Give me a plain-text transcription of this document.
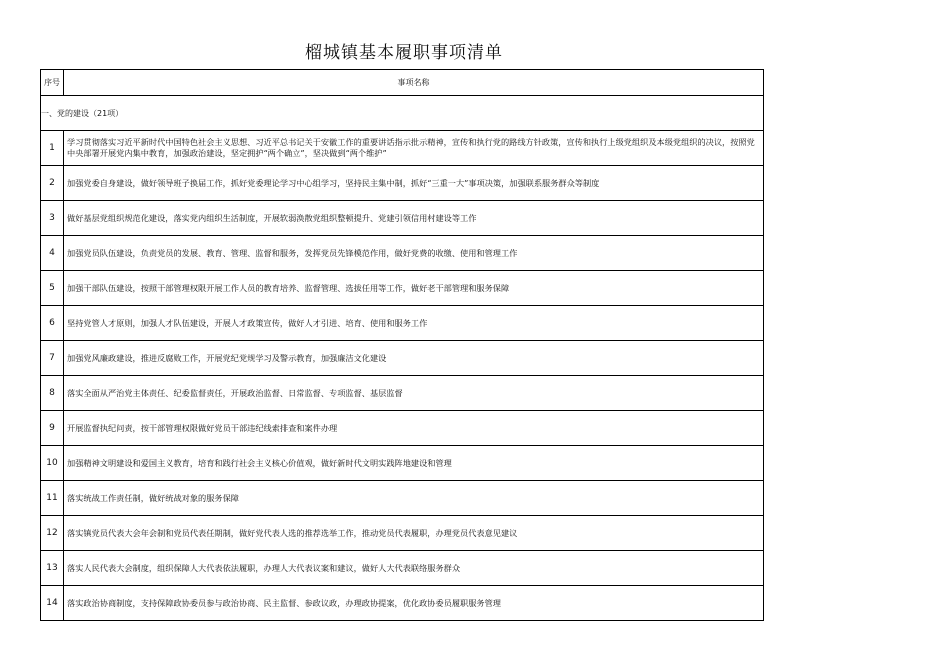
榴城镇基本履职事项清单
序号	事项名称
一、党的建设（21项）	
1	学习贯彻落实习近平新时代中国特色社会主义思想、习近平总书记关于安徽工作的重要讲话指示批示精神，宣传和执行党的路线方针政策，宣传和执行上级党组织及本级党组织的决议，按照党中央部署开展党内集中教育，加强政治建设，坚定拥护“两个确立”，坚决做到“两个维护”
2	加强党委自身建设，做好领导班子换届工作，抓好党委理论学习中心组学习，坚持民主集中制，抓好“三重一大”事项决策，加强联系服务群众等制度
3	做好基层党组织规范化建设，落实党内组织生活制度，开展软弱涣散党组织整顿提升、党建引领信用村建设等工作
4	加强党员队伍建设，负责党员的发展、教育、管理、监督和服务，发挥党员先锋模范作用，做好党费的收缴、使用和管理工作
5	加强干部队伍建设，按照干部管理权限开展工作人员的教育培养、监督管理、选拔任用等工作，做好老干部管理和服务保障
6	坚持党管人才原则，加强人才队伍建设，开展人才政策宣传，做好人才引进、培育、使用和服务工作
7	加强党风廉政建设，推进反腐败工作，开展党纪党规学习及警示教育，加强廉洁文化建设
8	落实全面从严治党主体责任、纪委监督责任，开展政治监督、日常监督、专项监督、基层监督
9	开展监督执纪问责，按干部管理权限做好党员干部违纪线索排查和案件办理
10	加强精神文明建设和爱国主义教育，培育和践行社会主义核心价值观，做好新时代文明实践阵地建设和管理
11	落实统战工作责任制，做好统战对象的服务保障
12	落实镇党员代表大会年会制和党员代表任期制，做好党代表人选的推荐选举工作，推动党员代表履职，办理党员代表意见建议
13	落实人民代表大会制度，组织保障人大代表依法履职，办理人大代表议案和建议，做好人大代表联络服务群众
14	落实政治协商制度，支持保障政协委员参与政治协商、民主监督、参政议政，办理政协提案，优化政协委员履职服务管理
